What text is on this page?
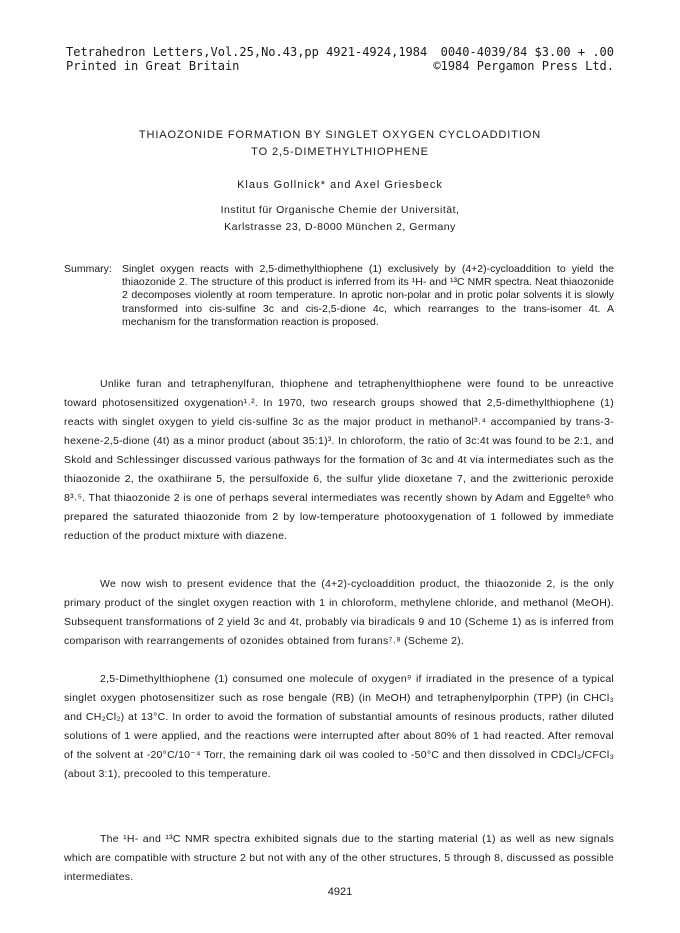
Tetrahedron Letters,Vol.25,No.43,pp 4921-4924,1984 0040-4039/84 $3.00 + .00
Printed in Great Britain	©1984 Pergamon Press Ltd.
THIAOZONIDE FORMATION BY SINGLET OXYGEN CYCLOADDITION
TO 2,5-DIMETHYLTHIOPHENE
Klaus Gollnick* and Axel Griesbeck
Institut für Organische Chemie der Universität,
Karlstrasse 23, D-8000 München 2, Germany
Summary: Singlet oxygen reacts with 2,5-dimethylthiophene (1) exclusively by (4+2)-cycloaddition to yield the thiaozonide 2. The structure of this product is inferred from its ¹H- and ¹³C NMR spectra. Neat thiaozonide 2 decomposes violently at room temperature. In aprotic non-polar and in protic polar solvents it is slowly transformed into cis-sulfine 3c and cis-2,5-dione 4c, which rearranges to the trans-isomer 4t. A mechanism for the transformation reaction is proposed.
Unlike furan and tetraphenylfuran, thiophene and tetraphenylthiophene were found to be unreactive toward photosensitized oxygenation¹˒². In 1970, two research groups showed that 2,5-dimethylthiophene (1) reacts with singlet oxygen to yield cis-sulfine 3c as the major product in methanol³˒⁴ accompanied by trans-3-hexene-2,5-dione (4t) as a minor product (about 35:1)³. In chloroform, the ratio of 3c:4t was found to be 2:1, and Skold and Schlessinger discussed various pathways for the formation of 3c and 4t via intermediates such as the thiaozonide 2, the oxathiirane 5, the persulfoxide 6, the sulfur ylide dioxetane 7, and the zwitterionic peroxide 8³˒⁵. That thiaozonide 2 is one of perhaps several intermediates was recently shown by Adam and Eggelte⁶ who prepared the saturated thiaozonide from 2 by low-temperature photooxygenation of 1 followed by immediate reduction of the product mixture with diazene.
We now wish to present evidence that the (4+2)-cycloaddition product, the thiaozonide 2, is the only primary product of the singlet oxygen reaction with 1 in chloroform, methylene chloride, and methanol (MeOH). Subsequent transformations of 2 yield 3c and 4t, probably via biradicals 9 and 10 (Scheme 1) as is inferred from comparison with rearrangements of ozonides obtained from furans⁷˒⁸ (Scheme 2).
2,5-Dimethylthiophene (1) consumed one molecule of oxygen⁹ if irradiated in the presence of a typical singlet oxygen photosensitizer such as rose bengale (RB) (in MeOH) and tetraphenylporphin (TPP) (in CHCl₃ and CH₂Cl₂) at 13°C. In order to avoid the formation of substantial amounts of resinous products, rather diluted solutions of 1 were applied, and the reactions were interrupted after about 80% of 1 had reacted. After removal of the solvent at -20°C/10⁻⁴ Torr, the remaining dark oil was cooled to -50°C and then dissolved in CDCl₃/CFCl₃ (about 3:1), precooled to this temperature.
The ¹H- and ¹³C NMR spectra exhibited signals due to the starting material (1) as well as new signals which are compatible with structure 2 but not with any of the other structures, 5 through 8, discussed as possible intermediates.
4921
